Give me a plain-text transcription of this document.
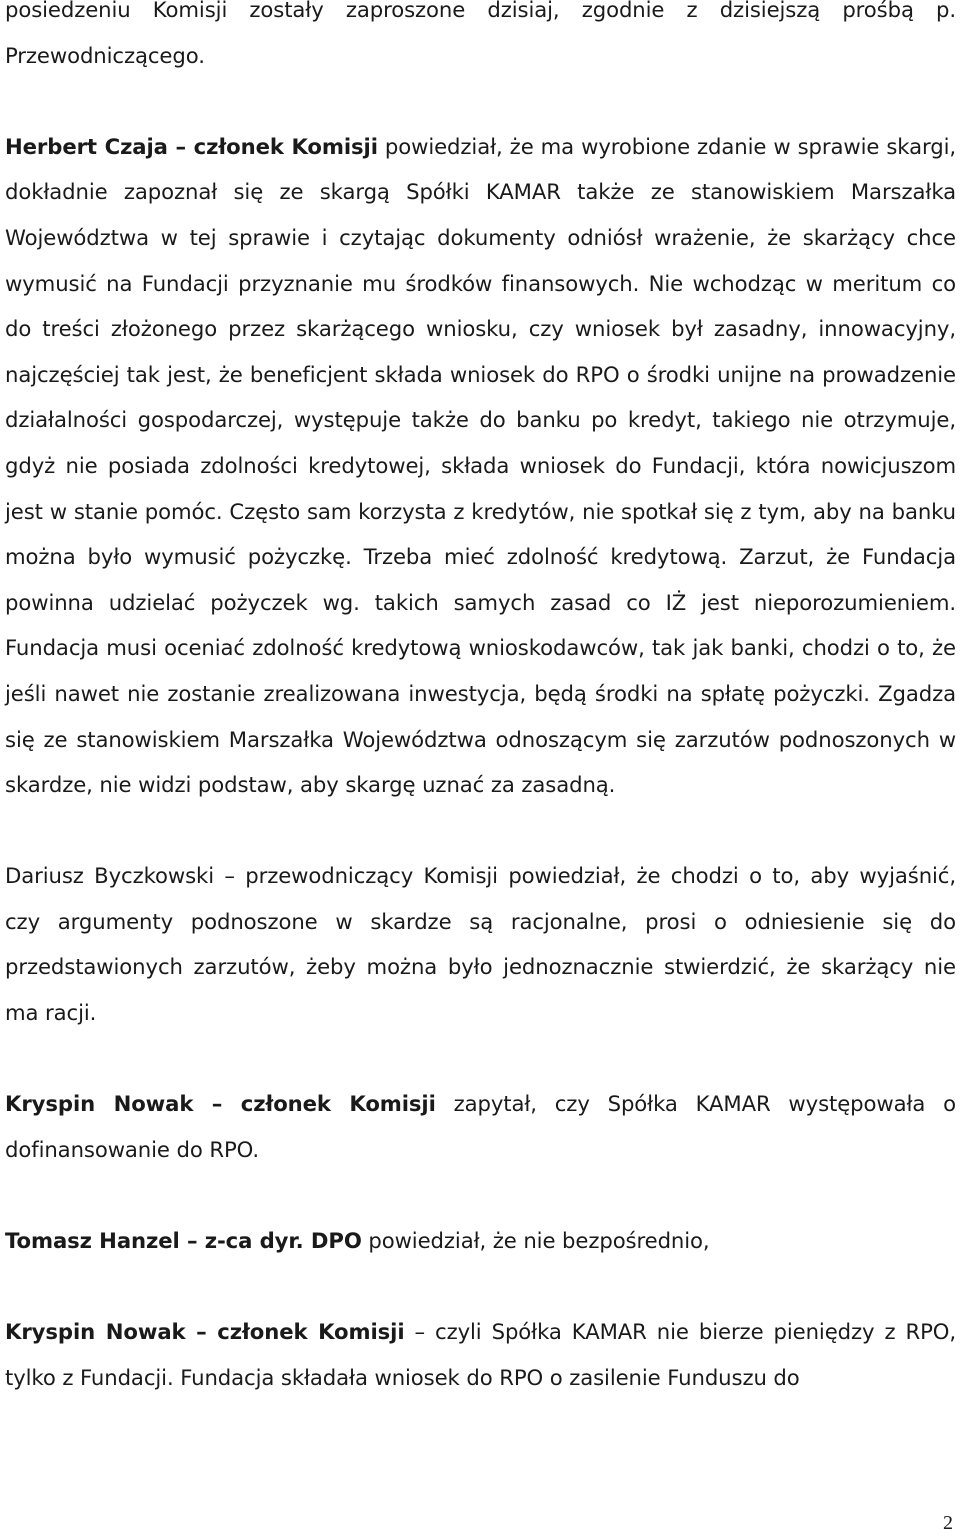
posiedzeniu Komisji zostały zaproszone dzisiaj, zgodnie z dzisiejszą prośbą p. Przewodniczącego.

Herbert Czaja – członek Komisji powiedział, że ma wyrobione zdanie w sprawie skargi, dokładnie zapoznał się ze skargą Spółki KAMAR także ze stanowiskiem Marszałka Województwa w tej sprawie i czytając dokumenty odniósł wrażenie, że skarżący chce wymusić na Fundacji przyznanie mu środków finansowych. Nie wchodząc w meritum co do treści złożonego przez skarżącego wniosku, czy wniosek był zasadny, innowacyjny, najczęściej tak jest, że beneficjent składa wniosek do RPO o środki unijne na prowadzenie działalności gospodarczej, występuje także do banku po kredyt, takiego nie otrzymuje, gdyż nie posiada zdolności kredytowej, składa wniosek do Fundacji, która nowicjuszom jest w stanie pomóc. Często sam korzysta z kredytów, nie spotkał się z tym, aby na banku można było wymusić pożyczkę. Trzeba mieć zdolność kredytową. Zarzut, że Fundacja powinna udzielać pożyczek wg. takich samych zasad co IŻ jest nieporozumieniem. Fundacja musi oceniać zdolność kredytową wnioskodawców, tak jak banki, chodzi o to, że jeśli nawet nie zostanie zrealizowana inwestycja, będą środki na spłatę pożyczki. Zgadza się ze stanowiskiem Marszałka Województwa odnoszącym się zarzutów podnoszonych w skardze, nie widzi podstaw, aby skargę uznać za zasadną.

Dariusz Byczkowski – przewodniczący Komisji powiedział, że chodzi o to, aby wyjaśnić, czy argumenty podnoszone w skardze są racjonalne, prosi o odniesienie się do przedstawionych zarzutów, żeby można było jednoznacznie stwierdzić, że skarżący nie ma racji.

Kryspin Nowak – członek Komisji zapytał, czy Spółka KAMAR występowała o dofinansowanie do RPO.

Tomasz Hanzel – z-ca dyr. DPO powiedział, że nie bezpośrednio,

Kryspin Nowak – członek Komisji – czyli Spółka KAMAR nie bierze pieniędzy z RPO, tylko z Fundacji. Fundacja składała wniosek do RPO o zasilenie Funduszu do

2
